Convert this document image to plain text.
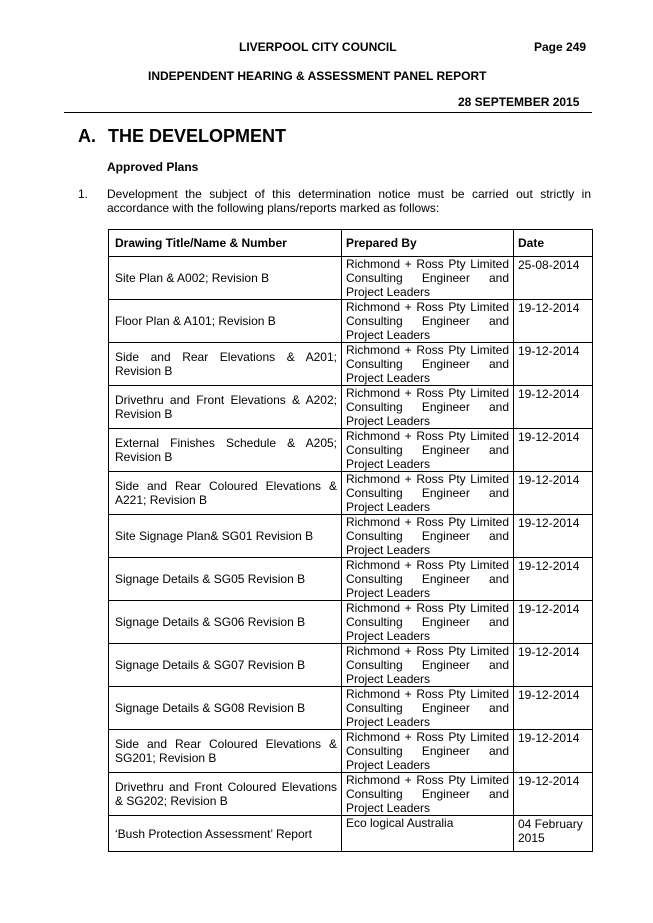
LIVERPOOL CITY COUNCIL	Page 249
INDEPENDENT HEARING & ASSESSMENT PANEL REPORT
28 SEPTEMBER 2015
A. THE DEVELOPMENT
Approved Plans
1. Development the subject of this determination notice must be carried out strictly in accordance with the following plans/reports marked as follows:
Drawing Title/Name & Number	Prepared By	Date
Site Plan & A002; Revision B	Richmond + Ross Pty Limited Consulting Engineer and Project Leaders	25-08-2014
Floor Plan & A101; Revision B	Richmond + Ross Pty Limited Consulting Engineer and Project Leaders	19-12-2014
Side and Rear Elevations & A201; Revision B	Richmond + Ross Pty Limited Consulting Engineer and Project Leaders	19-12-2014
Drivethru and Front Elevations & A202; Revision B	Richmond + Ross Pty Limited Consulting Engineer and Project Leaders	19-12-2014
External Finishes Schedule & A205; Revision B	Richmond + Ross Pty Limited Consulting Engineer and Project Leaders	19-12-2014
Side and Rear Coloured Elevations & A221; Revision B	Richmond + Ross Pty Limited Consulting Engineer and Project Leaders	19-12-2014
Site Signage Plan& SG01 Revision B	Richmond + Ross Pty Limited Consulting Engineer and Project Leaders	19-12-2014
Signage Details & SG05 Revision B	Richmond + Ross Pty Limited Consulting Engineer and Project Leaders	19-12-2014
Signage Details & SG06 Revision B	Richmond + Ross Pty Limited Consulting Engineer and Project Leaders	19-12-2014
Signage Details & SG07 Revision B	Richmond + Ross Pty Limited Consulting Engineer and Project Leaders	19-12-2014
Signage Details & SG08 Revision B	Richmond + Ross Pty Limited Consulting Engineer and Project Leaders	19-12-2014
Side and Rear Coloured Elevations & SG201; Revision B	Richmond + Ross Pty Limited Consulting Engineer and Project Leaders	19-12-2014
Drivethru and Front Coloured Elevations & SG202; Revision B	Richmond + Ross Pty Limited Consulting Engineer and Project Leaders	19-12-2014
‘Bush Protection Assessment’ Report	Eco logical Australia	04 February 2015
